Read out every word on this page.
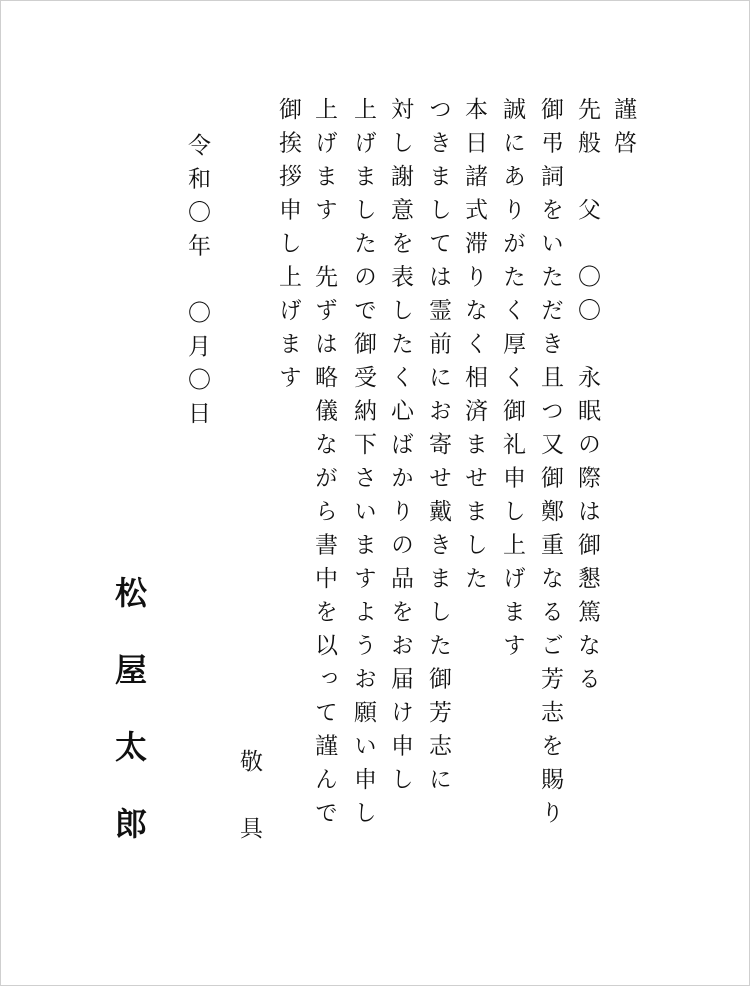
謹啓
先般　父　〇〇　永眠の際は御懇篤なる
御弔詞をいただき且つ又御鄭重なるご芳志を賜り
誠にありがたく厚く御礼申し上げます
本日諸式滞りなく相済ませました
つきましては霊前にお寄せ戴きました御芳志に
対し謝意を表したく心ばかりの品をお届け申し
上げましたので御受納下さいますようお願い申し
上げます　先ずは略儀ながら書中を以って謹んで
御挨拶申し上げます
敬　具
令和〇年　〇月〇日
松屋太郎
